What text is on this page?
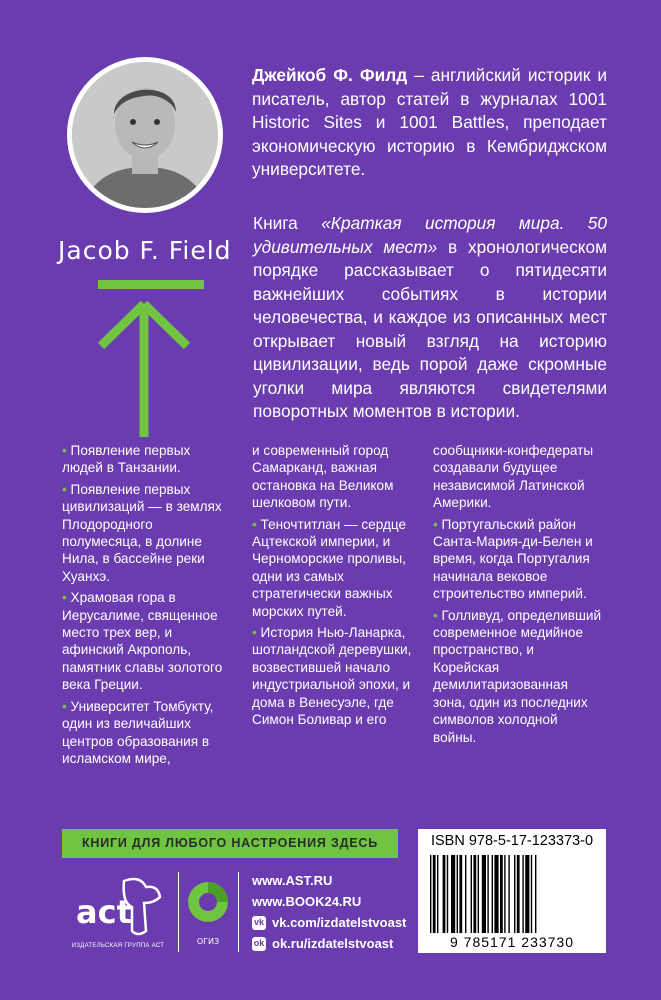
Jacob F. Field
Джейкоб Ф. Филд – английский историк и писатель, автор статей в журналах 1001 Historic Sites и 1001 Battles, преподает экономическую историю в Кембриджском университете.
Книга «Краткая история мира. 50 удивительных мест» в хронологическом порядке рассказывает о пятидесяти важнейших событиях в истории человечества, и каждое из описанных мест открывает новый взгляд на историю цивилизации, ведь порой даже скромные уголки мира являются свидетелями поворотных моментов в истории.

• Появление первых людей в Танзании.

• Появление первых цивилизаций — в землях Плодородного полумесяца, в долине Нила, в бассейне реки Хуанхэ.

• Храмовая гора в Иерусалиме, священное место трех вер, и афинский Акрополь, памятник славы золотого века Греции.

• Университет Томбукту, один из величайших центров образования в исламском мире,

и современный город Самарканд, важная остановка на Великом шелковом пути.

• Теночтитлан — сердце Ацтекской империи, и Черноморские проливы, одни из самых стратегически важных морских путей.

• История Нью-Ланарка, шотландской деревушки, возвестившей начало индустриальной эпохи, и дома в Венесуэле, где Симон Боливар и его

сообщники-конфедераты создавали будущее независимой Латинской Америки.

• Португальский район Санта-Мария-ди-Белен и время, когда Португалия начинала вековое строительство империй.

• Голливуд, определивший современное медийное пространство, и Корейская демилитаризованная зона, один из последних символов холодной войны.

КНИГИ ДЛЯ ЛЮБОГО НАСТРОЕНИЯ ЗДЕСЬ	ISBN 978-5-17-123373-0
9 785171 233730
act
ИЗДАТЕЛЬСКАЯ ГРУППА АСТ	ОГИЗ
www.AST.RU
www.BOOK24.RU
vk vk.com/izdatelstvoast
ok ok.ru/izdatelstvoast
